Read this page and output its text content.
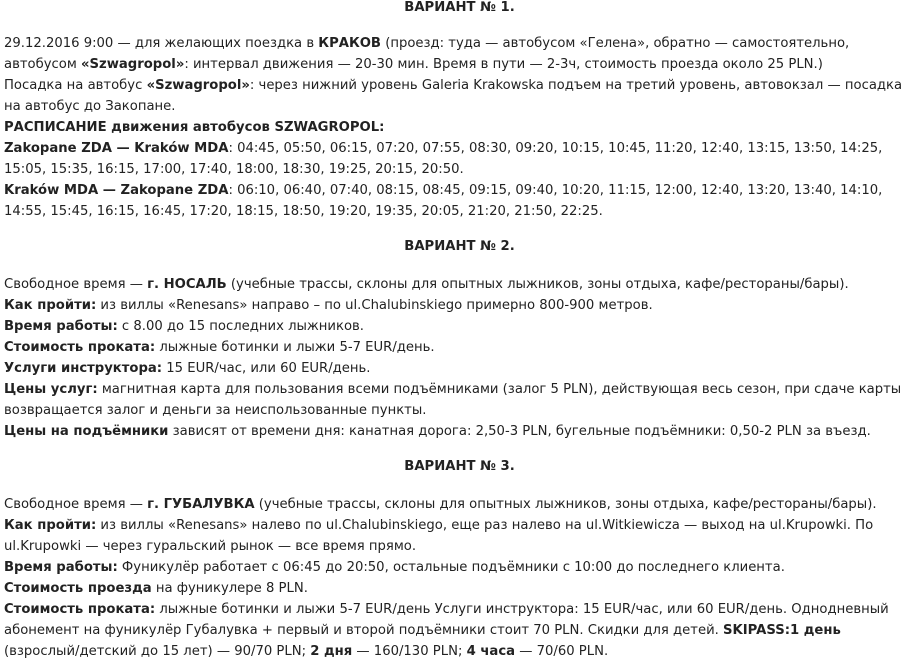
ВАРИАНТ № 1.

29.12.2016 9:00 — для желающих поездка в КРАКОВ (проезд: туда — автобусом «Гелена», обратно — самостоятельно, автобусом «Szwagropol»: интервал движения — 20-30 мин. Время в пути — 2-3ч, стоимость проезда около 25 PLN.)

Посадка на автобус «Szwagropol»: через нижний уровень Galeria Krakowska подъем на третий уровень, автовокзал — посадка на автобус до Закопане.

РАСПИСАНИЕ движения автобусов SZWAGROPOL:

Zakopane ZDA — Kraków MDA: 04:45, 05:50, 06:15, 07:20, 07:55, 08:30, 09:20, 10:15, 10:45, 11:20, 12:40, 13:15, 13:50, 14:25, 15:05, 15:35, 16:15, 17:00, 17:40, 18:00, 18:30, 19:25, 20:15, 20:50.

Kraków MDA — Zakopane ZDA: 06:10, 06:40, 07:40, 08:15, 08:45, 09:15, 09:40, 10:20, 11:15, 12:00, 12:40, 13:20, 13:40, 14:10, 14:55, 15:45, 16:15, 16:45, 17:20, 18:15, 18:50, 19:20, 19:35, 20:05, 21:20, 21:50, 22:25.

ВАРИАНТ № 2.

Свободное время — г. НОСАЛЬ (учебные трассы, склоны для опытных лыжников, зоны отдыха, кафе/рестораны/бары).

Как пройти: из виллы «Renesans» направо – по ul.Chalubinskiego примерно 800-900 метров.

Время работы: с 8.00 до 15 последних лыжников.

Стоимость проката: лыжные ботинки и лыжи 5-7 EUR/день.

Услуги инструктора: 15 EUR/час, или 60 EUR/день.

Цены услуг: магнитная карта для пользования всеми подъёмниками (залог 5 PLN), действующая весь сезон, при сдаче карты возвращается залог и деньги за неиспользованные пункты.

Цены на подъёмники зависят от времени дня: канатная дорога: 2,50-3 PLN, бугельные подъёмники: 0,50-2 PLN за въезд.

ВАРИАНТ № 3.

Свободное время — г. ГУБАЛУВКА (учебные трассы, склоны для опытных лыжников, зоны отдыха, кафе/рестораны/бары).

Как пройти: из виллы «Renesans» налево по ul.Chalubinskiego, еще раз налево на ul.Witkiewicza — выход на ul.Krupowki. По ul.Krupowki — через гуральский рынок — все время прямо.

Время работы: Фуникулёр работает с 06:45 до 20:50, остальные подъёмники с 10:00 до последнего клиента.

Стоимость проезда на фуникулере 8 PLN.

Стоимость проката: лыжные ботинки и лыжи 5-7 EUR/день Услуги инструктора: 15 EUR/час, или 60 EUR/день. Однодневный абонемент на фуникулёр Губалувка + первый и второй подъёмники стоит 70 PLN. Скидки для детей. SKIPASS:1 день (взрослый/детский до 15 лет) — 90/70 PLN; 2 дня — 160/130 PLN; 4 часа — 70/60 PLN.
